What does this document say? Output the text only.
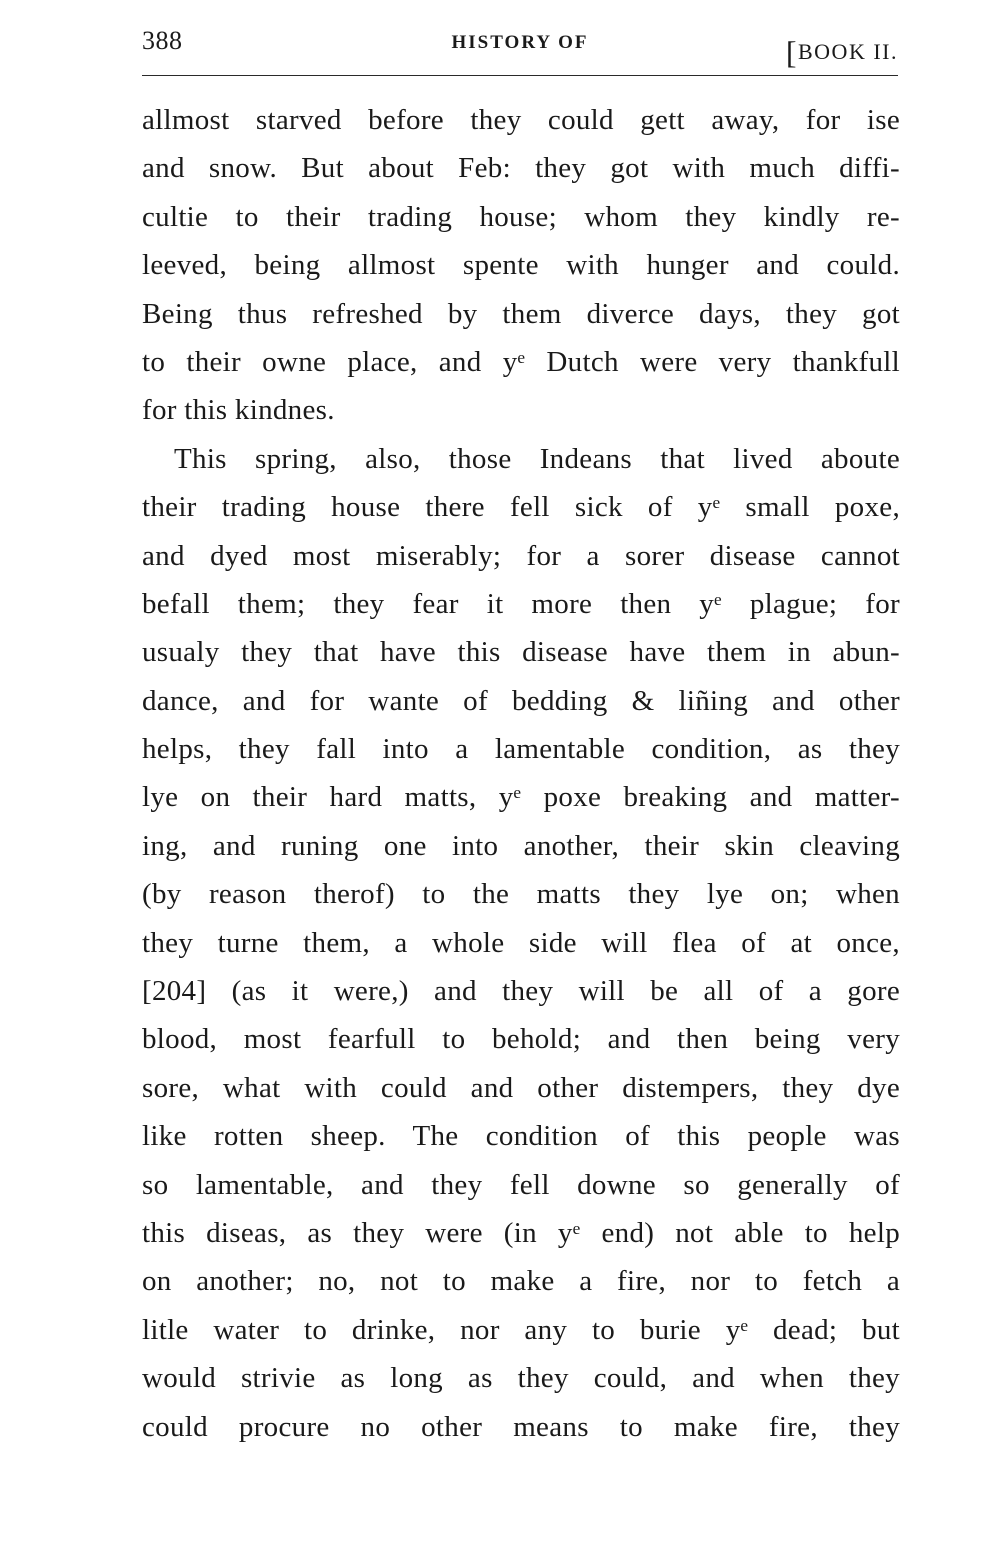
388	HISTORY OF	[BOOK II.
allmost starved before they could gett away, for ise
and snow. But about Feb: they got with much diffi-
cultie to their trading house; whom they kindly re-
leeved, being allmost spente with hunger and could.
Being thus refreshed by them diverce days, they got
to their owne place, and yᵉ Dutch were very thankfull
for this kindnes.
This spring, also, those Indeans that lived aboute
their trading house there fell sick of yᵉ small poxe,
and dyed most miserably; for a sorer disease cannot
befall them; they fear it more then yᵉ plague; for
usualy they that have this disease have them in abun-
dance, and for wante of bedding & liñing and other
helps, they fall into a lamentable condition, as they
lye on their hard matts, yᵉ poxe breaking and matter-
ing, and runing one into another, their skin cleaving
(by reason therof) to the matts they lye on; when
they turne them, a whole side will flea of at once,
[204] (as it were,) and they will be all of a gore
blood, most fearfull to behold; and then being very
sore, what with could and other distempers, they dye
like rotten sheep. The condition of this people was
so lamentable, and they fell downe so generally of
this diseas, as they were (in yᵉ end) not able to help
on another; no, not to make a fire, nor to fetch a
litle water to drinke, nor any to burie yᵉ dead; but
would strivie as long as they could, and when they
could procure no other means to make fire, they
